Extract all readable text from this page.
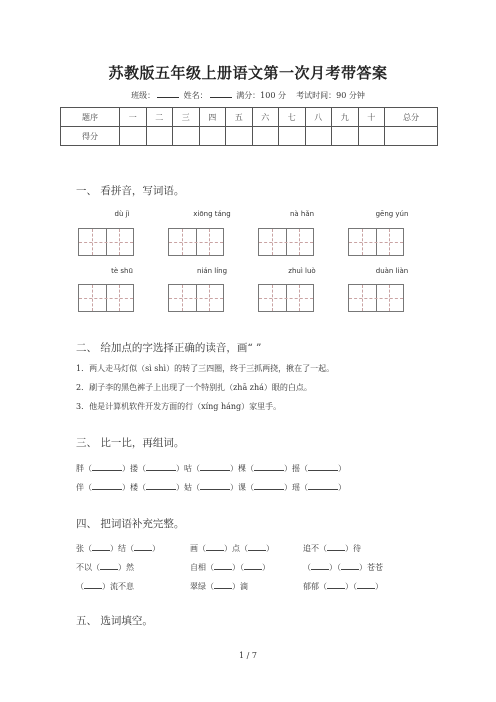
苏教版五年级上册语文第一次月考带答案
班级：	姓名：	满分：100 分 考试时间：90 分钟
题序	一	二	三	四	五	六	七	八	九	十	总分
得分											
一、 看拼音，写词语。
dù jì	xiōng táng	nà hǎn	gēng yún
tè shū	nián líng	zhuì luò	duàn liàn
二、 给加点的字选择正确的读音，画“ ”
1．两人走马灯似（sì shì）的转了三四圈，终于三抓两挠，揪在了一起。
2．刷子李的黑色裤子上出现了一个特别扎（zhā zhá）眼的白点。
3．他是计算机软件开发方面的行（xíng háng）家里手。
三、 比一比，再组词。
胖（	）搂（	）咕（	）棵（	）摇（	）
伴（	）楼（	）姑（	）课（	）瑶（	）
四、 把词语补充完整。
张（ ）结（ ）	画（ ）点（ ）	追不（ ）待
不以（ ）然	自相（ ）（ ）	（ ）（ ）苍苍
（ ）流不息	翠绿（ ）滴	郁郁（ ）（ ）
五、 选词填空。
1 / 7
